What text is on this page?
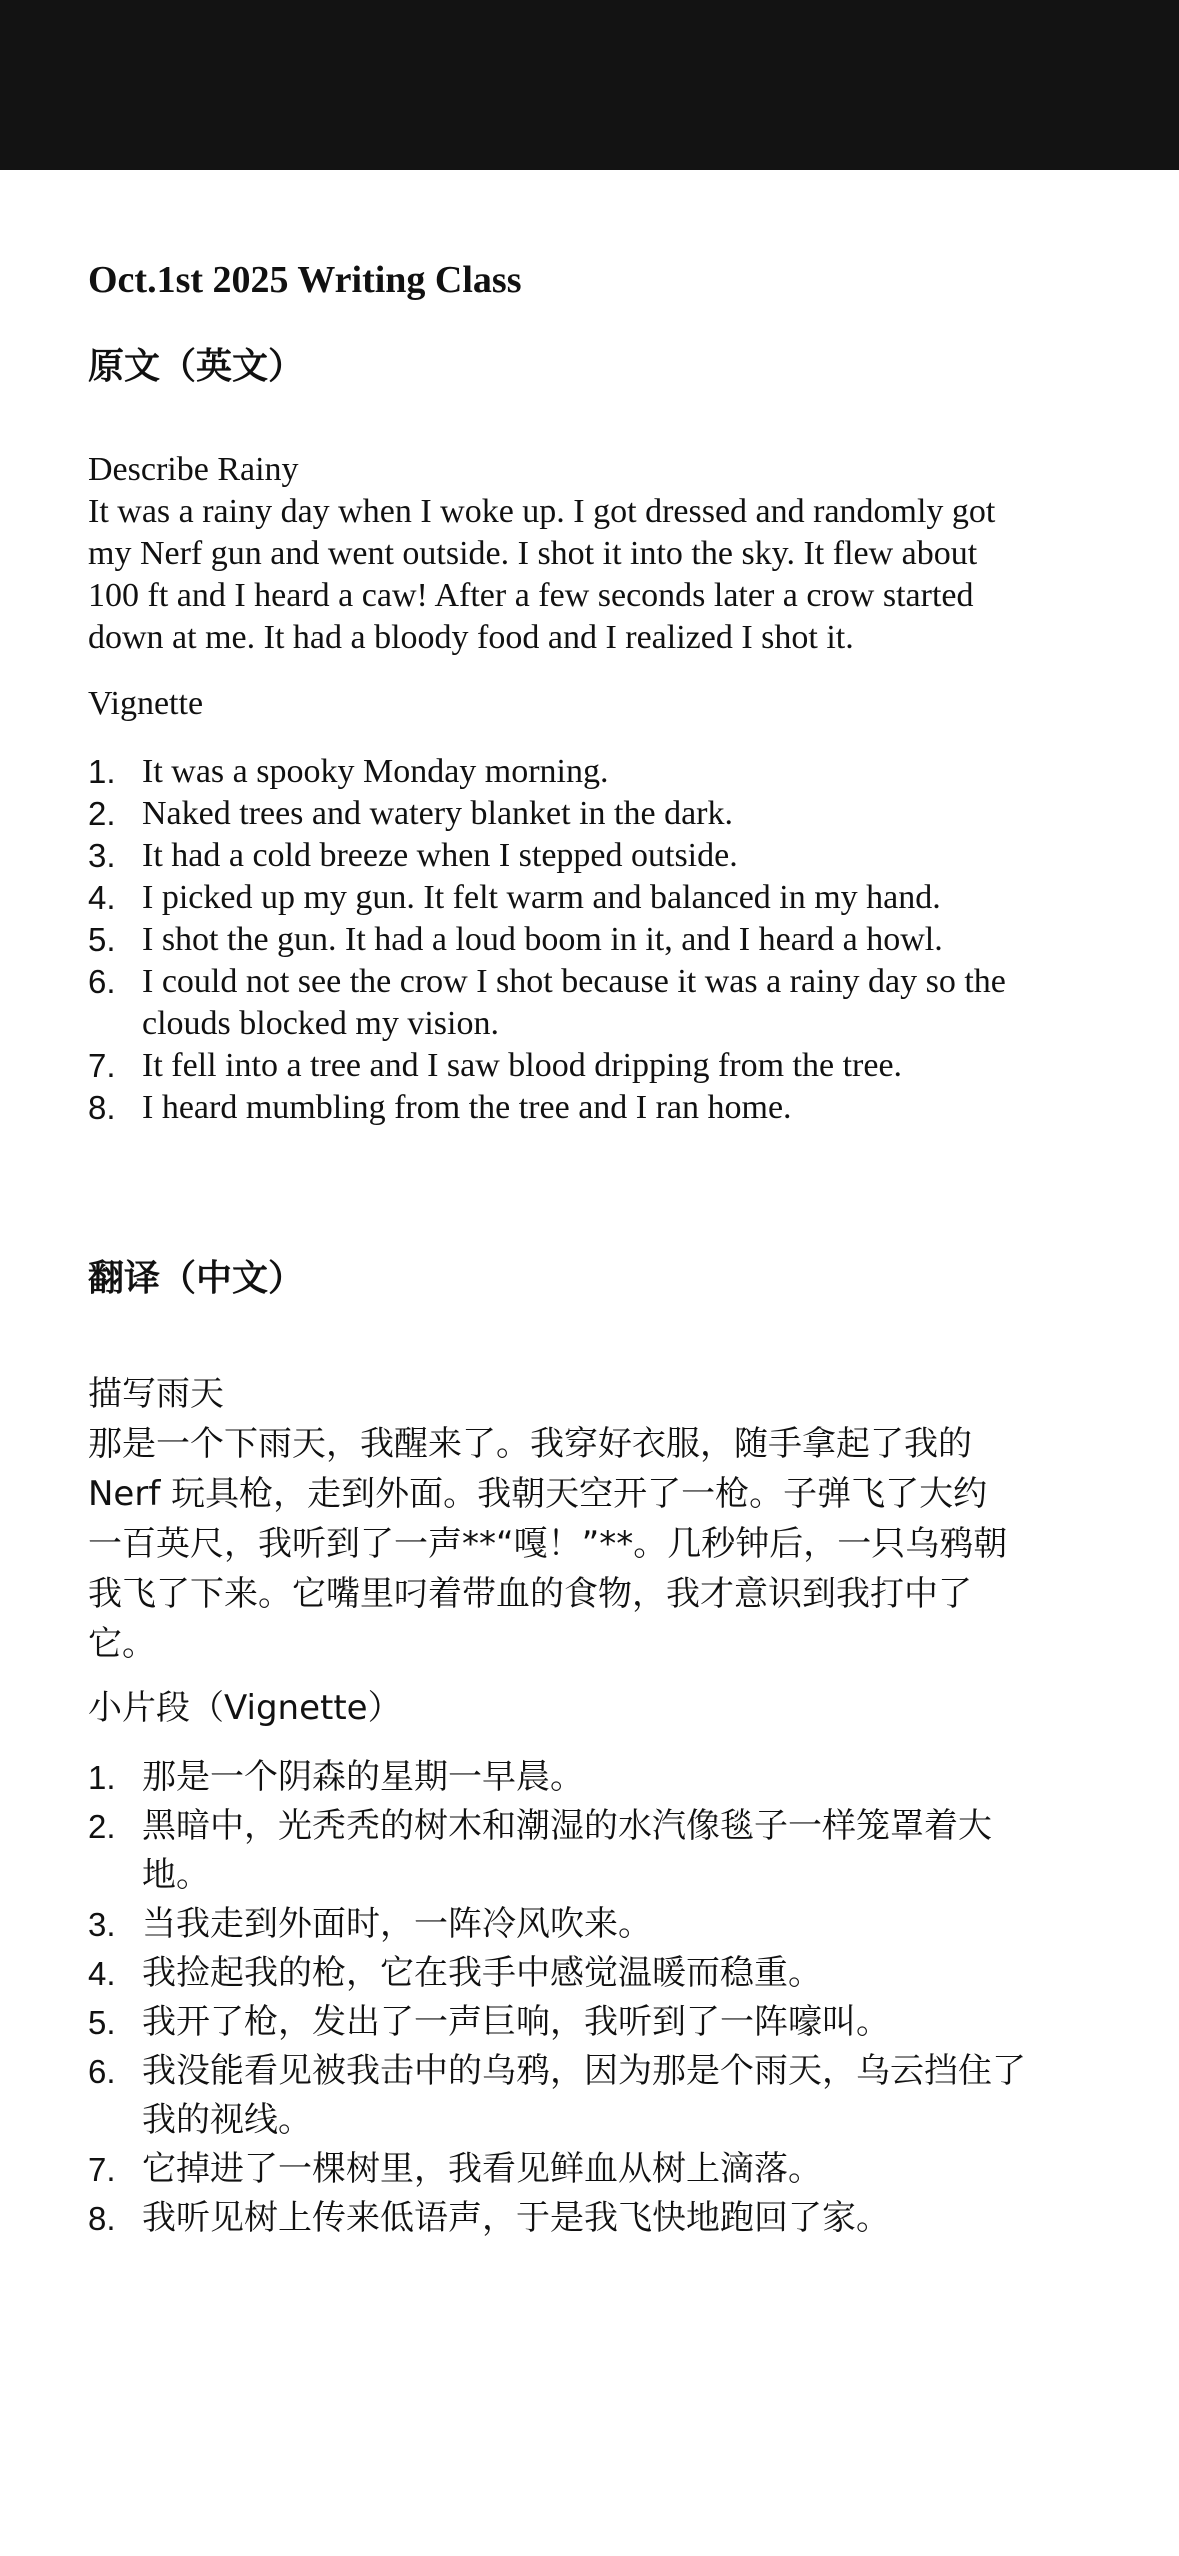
Oct.1st 2025 Writing Class
原文（英文）

Describe Rainy

It was a rainy day when I woke up. I got dressed and randomly got my Nerf gun and went outside. I shot it into the sky. It flew about 100 ft and I heard a caw! After a few seconds later a crow started down at me. It had a bloody food and I realized I shot it.

Vignette

1. It was a spooky Monday morning.
2. Naked trees and watery blanket in the dark.
3. It had a cold breeze when I stepped outside.
4. I picked up my gun. It felt warm and balanced in my hand.
5. I shot the gun. It had a loud boom in it, and I heard a howl.
6. I could not see the crow I shot because it was a rainy day so the clouds blocked my vision.
7. It fell into a tree and I saw blood dripping from the tree.
8. I heard mumbling from the tree and I ran home.
翻译（中文）

描写雨天

那是一个下雨天，我醒来了。我穿好衣服，随手拿起了我的 Nerf 玩具枪，走到外面。我朝天空开了一枪。子弹飞了大约一百英尺，我听到了一声**“嘎！”**。几秒钟后，一只乌鸦朝我飞了下来。它嘴里叼着带血的食物，我才意识到我打中了它。

小片段（Vignette）

1. 那是一个阴森的星期一早晨。
2. 黑暗中，光秃秃的树木和潮湿的水汽像毯子一样笼罩着大地。
3. 当我走到外面时，一阵冷风吹来。
4. 我捡起我的枪，它在我手中感觉温暖而稳重。
5. 我开了枪，发出了一声巨响，我听到了一阵嚎叫。
6. 我没能看见被我击中的乌鸦，因为那是个雨天，乌云挡住了我的视线。
7. 它掉进了一棵树里，我看见鲜血从树上滴落。
8. 我听见树上传来低语声，于是我飞快地跑回了家。
